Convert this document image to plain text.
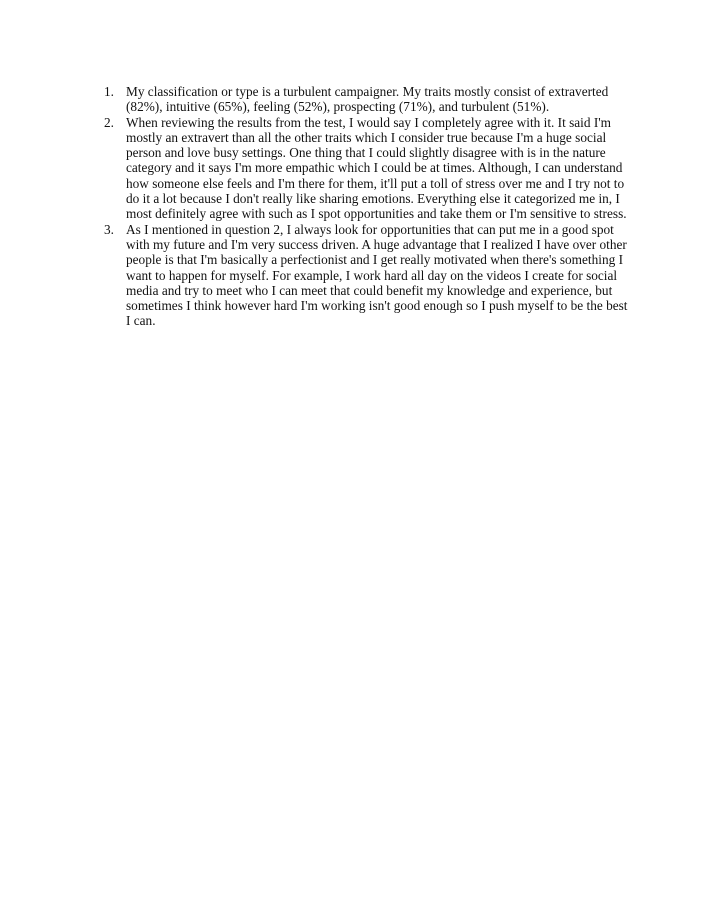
1. My classification or type is a turbulent campaigner. My traits mostly consist of extraverted (82%), intuitive (65%), feeling (52%), prospecting (71%), and turbulent (51%).
2. When reviewing the results from the test, I would say I completely agree with it. It said I'm mostly an extravert than all the other traits which I consider true because I'm a huge social person and love busy settings. One thing that I could slightly disagree with is in the nature category and it says I'm more empathic which I could be at times. Although, I can understand how someone else feels and I'm there for them, it'll put a toll of stress over me and I try not to do it a lot because I don't really like sharing emotions. Everything else it categorized me in, I most definitely agree with such as I spot opportunities and take them or I'm sensitive to stress.
3. As I mentioned in question 2, I always look for opportunities that can put me in a good spot with my future and I'm very success driven. A huge advantage that I realized I have over other people is that I'm basically a perfectionist and I get really motivated when there's something I want to happen for myself. For example, I work hard all day on the videos I create for social media and try to meet who I can meet that could benefit my knowledge and experience, but sometimes I think however hard I'm working isn't good enough so I push myself to be the best I can.
